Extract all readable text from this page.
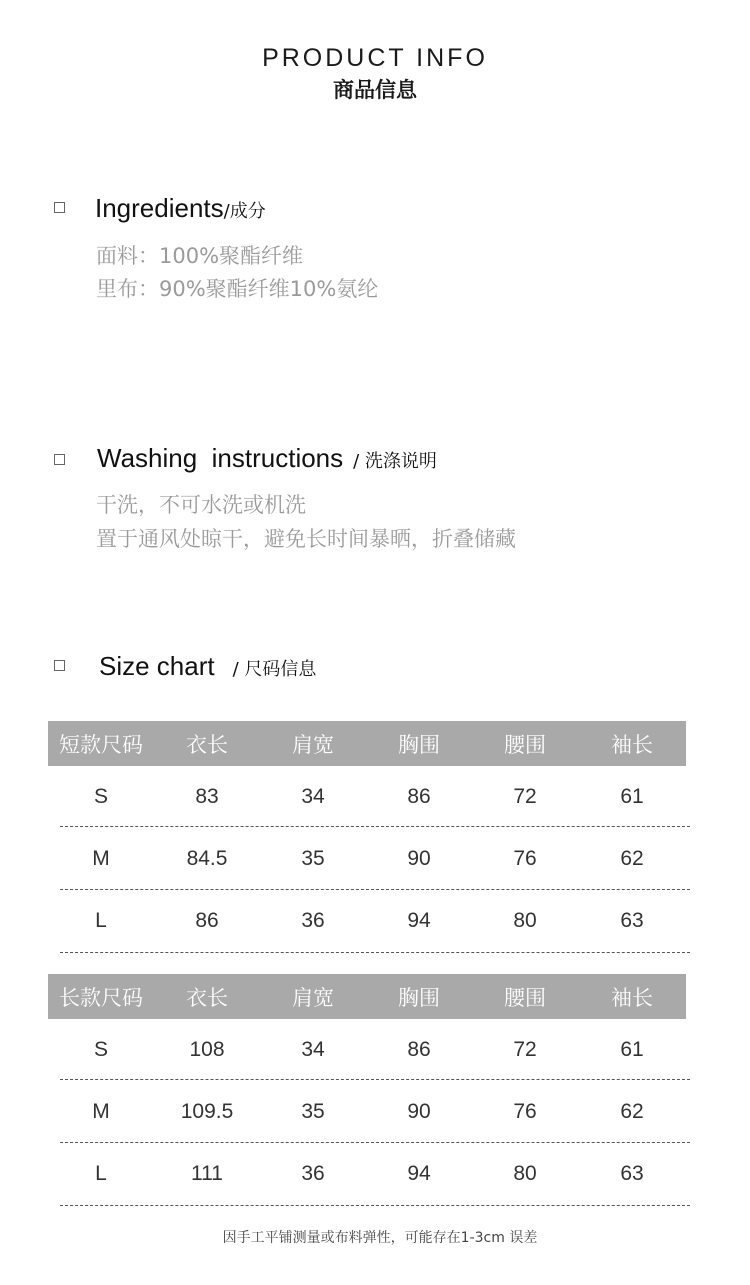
PRODUCT INFO
商品信息
Ingredients /成分
面料：100%聚酯纤维
里布：90%聚酯纤维10%氨纶
Washing  instructions / 洗涤说明
干洗，不可水洗或机洗
置于通风处晾干，避免长时间暴晒，折叠储藏
Size chart / 尺码信息
短款尺码	衣长	肩宽	胸围	腰围	袖长
S	83	34	86	72	61
M	84.5	35	90	76	62
L	86	36	94	80	63
长款尺码	衣长	肩宽	胸围	腰围	袖长
S	108	34	86	72	61
M	109.5	35	90	76	62
L	111	36	94	80	63
因手工平铺测量或布料弹性，可能存在1-3cm 误差
